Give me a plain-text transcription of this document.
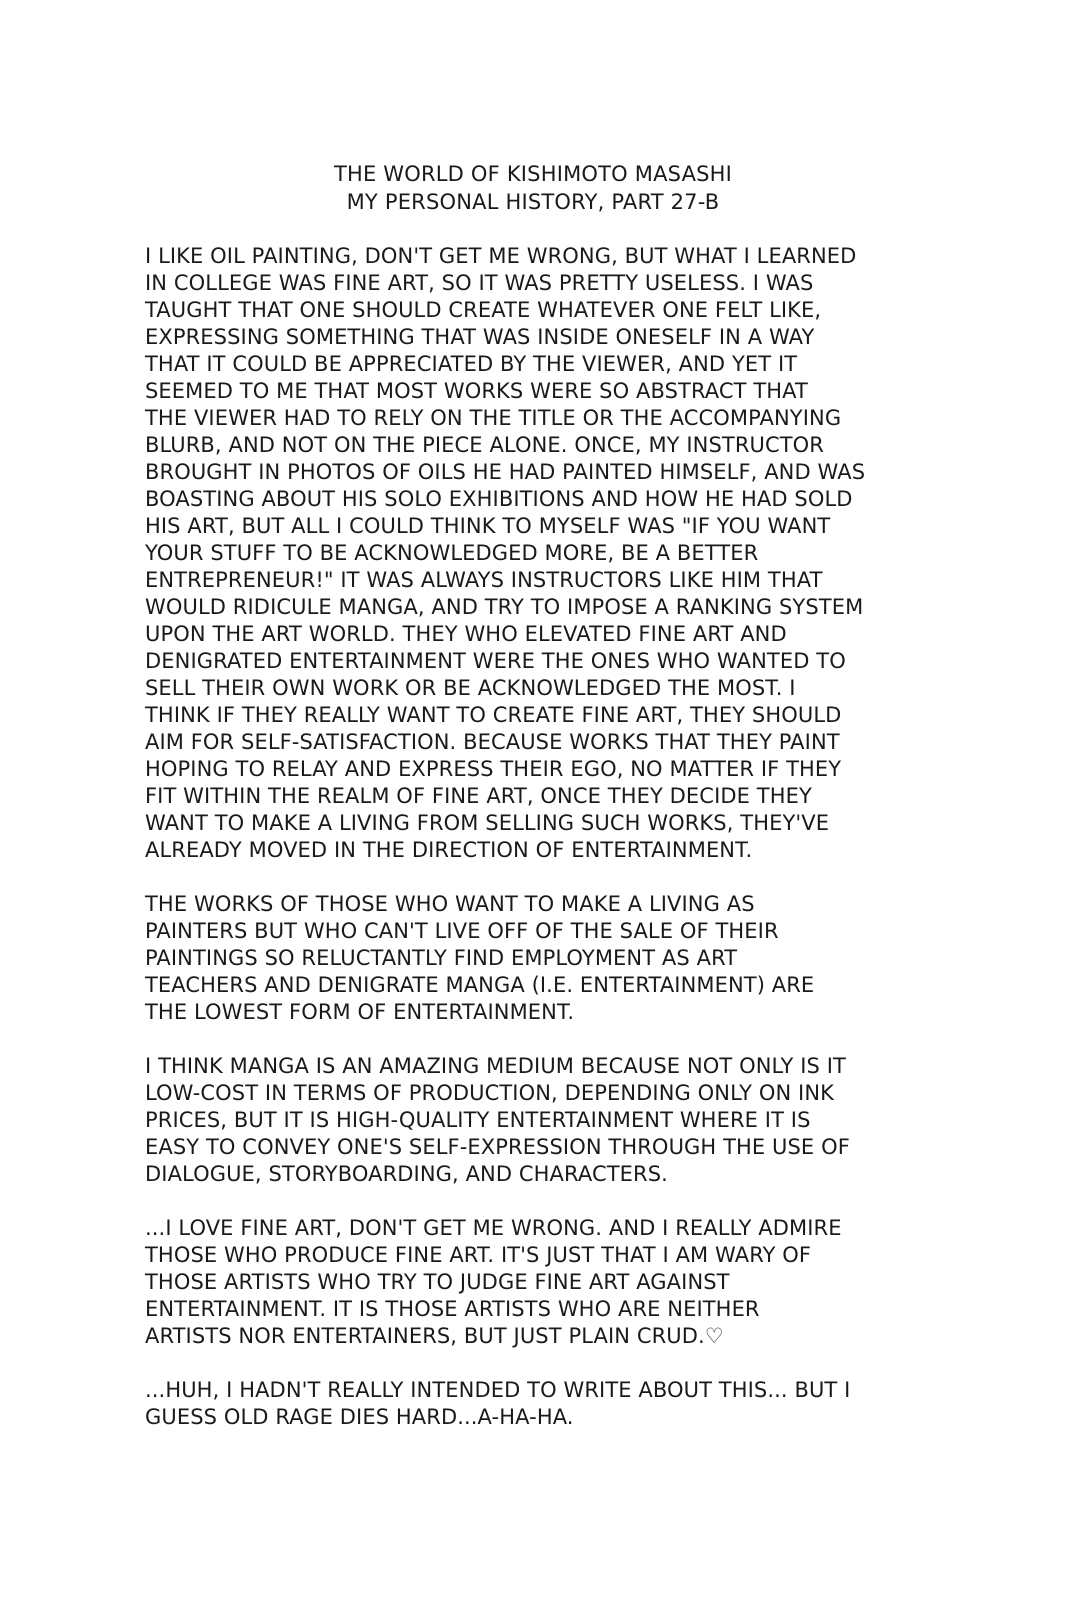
THE WORLD OF KISHIMOTO MASASHI
MY PERSONAL HISTORY, PART 27-B
I LIKE OIL PAINTING, DON'T GET ME WRONG, BUT WHAT I LEARNED
IN COLLEGE WAS FINE ART, SO IT WAS PRETTY USELESS. I WAS
TAUGHT THAT ONE SHOULD CREATE WHATEVER ONE FELT LIKE,
EXPRESSING SOMETHING THAT WAS INSIDE ONESELF IN A WAY
THAT IT COULD BE APPRECIATED BY THE VIEWER, AND YET IT
SEEMED TO ME THAT MOST WORKS WERE SO ABSTRACT THAT
THE VIEWER HAD TO RELY ON THE TITLE OR THE ACCOMPANYING
BLURB, AND NOT ON THE PIECE ALONE. ONCE, MY INSTRUCTOR
BROUGHT IN PHOTOS OF OILS HE HAD PAINTED HIMSELF, AND WAS
BOASTING ABOUT HIS SOLO EXHIBITIONS AND HOW HE HAD SOLD
HIS ART, BUT ALL I COULD THINK TO MYSELF WAS "IF YOU WANT
YOUR STUFF TO BE ACKNOWLEDGED MORE, BE A BETTER
ENTREPRENEUR!" IT WAS ALWAYS INSTRUCTORS LIKE HIM THAT
WOULD RIDICULE MANGA, AND TRY TO IMPOSE A RANKING SYSTEM
UPON THE ART WORLD. THEY WHO ELEVATED FINE ART AND
DENIGRATED ENTERTAINMENT WERE THE ONES WHO WANTED TO
SELL THEIR OWN WORK OR BE ACKNOWLEDGED THE MOST. I
THINK IF THEY REALLY WANT TO CREATE FINE ART, THEY SHOULD
AIM FOR SELF-SATISFACTION. BECAUSE WORKS THAT THEY PAINT
HOPING TO RELAY AND EXPRESS THEIR EGO, NO MATTER IF THEY
FIT WITHIN THE REALM OF FINE ART, ONCE THEY DECIDE THEY
WANT TO MAKE A LIVING FROM SELLING SUCH WORKS, THEY'VE
ALREADY MOVED IN THE DIRECTION OF ENTERTAINMENT.
THE WORKS OF THOSE WHO WANT TO MAKE A LIVING AS
PAINTERS BUT WHO CAN'T LIVE OFF OF THE SALE OF THEIR
PAINTINGS SO RELUCTANTLY FIND EMPLOYMENT AS ART
TEACHERS AND DENIGRATE MANGA (I.E. ENTERTAINMENT) ARE
THE LOWEST FORM OF ENTERTAINMENT.
I THINK MANGA IS AN AMAZING MEDIUM BECAUSE NOT ONLY IS IT
LOW-COST IN TERMS OF PRODUCTION, DEPENDING ONLY ON INK
PRICES, BUT IT IS HIGH-QUALITY ENTERTAINMENT WHERE IT IS
EASY TO CONVEY ONE'S SELF-EXPRESSION THROUGH THE USE OF
DIALOGUE, STORYBOARDING, AND CHARACTERS.
...I LOVE FINE ART, DON'T GET ME WRONG. AND I REALLY ADMIRE
THOSE WHO PRODUCE FINE ART. IT'S JUST THAT I AM WARY OF
THOSE ARTISTS WHO TRY TO JUDGE FINE ART AGAINST
ENTERTAINMENT. IT IS THOSE ARTISTS WHO ARE NEITHER
ARTISTS NOR ENTERTAINERS, BUT JUST PLAIN CRUD.♡
...HUH, I HADN'T REALLY INTENDED TO WRITE ABOUT THIS... BUT I
GUESS OLD RAGE DIES HARD...A-HA-HA.
